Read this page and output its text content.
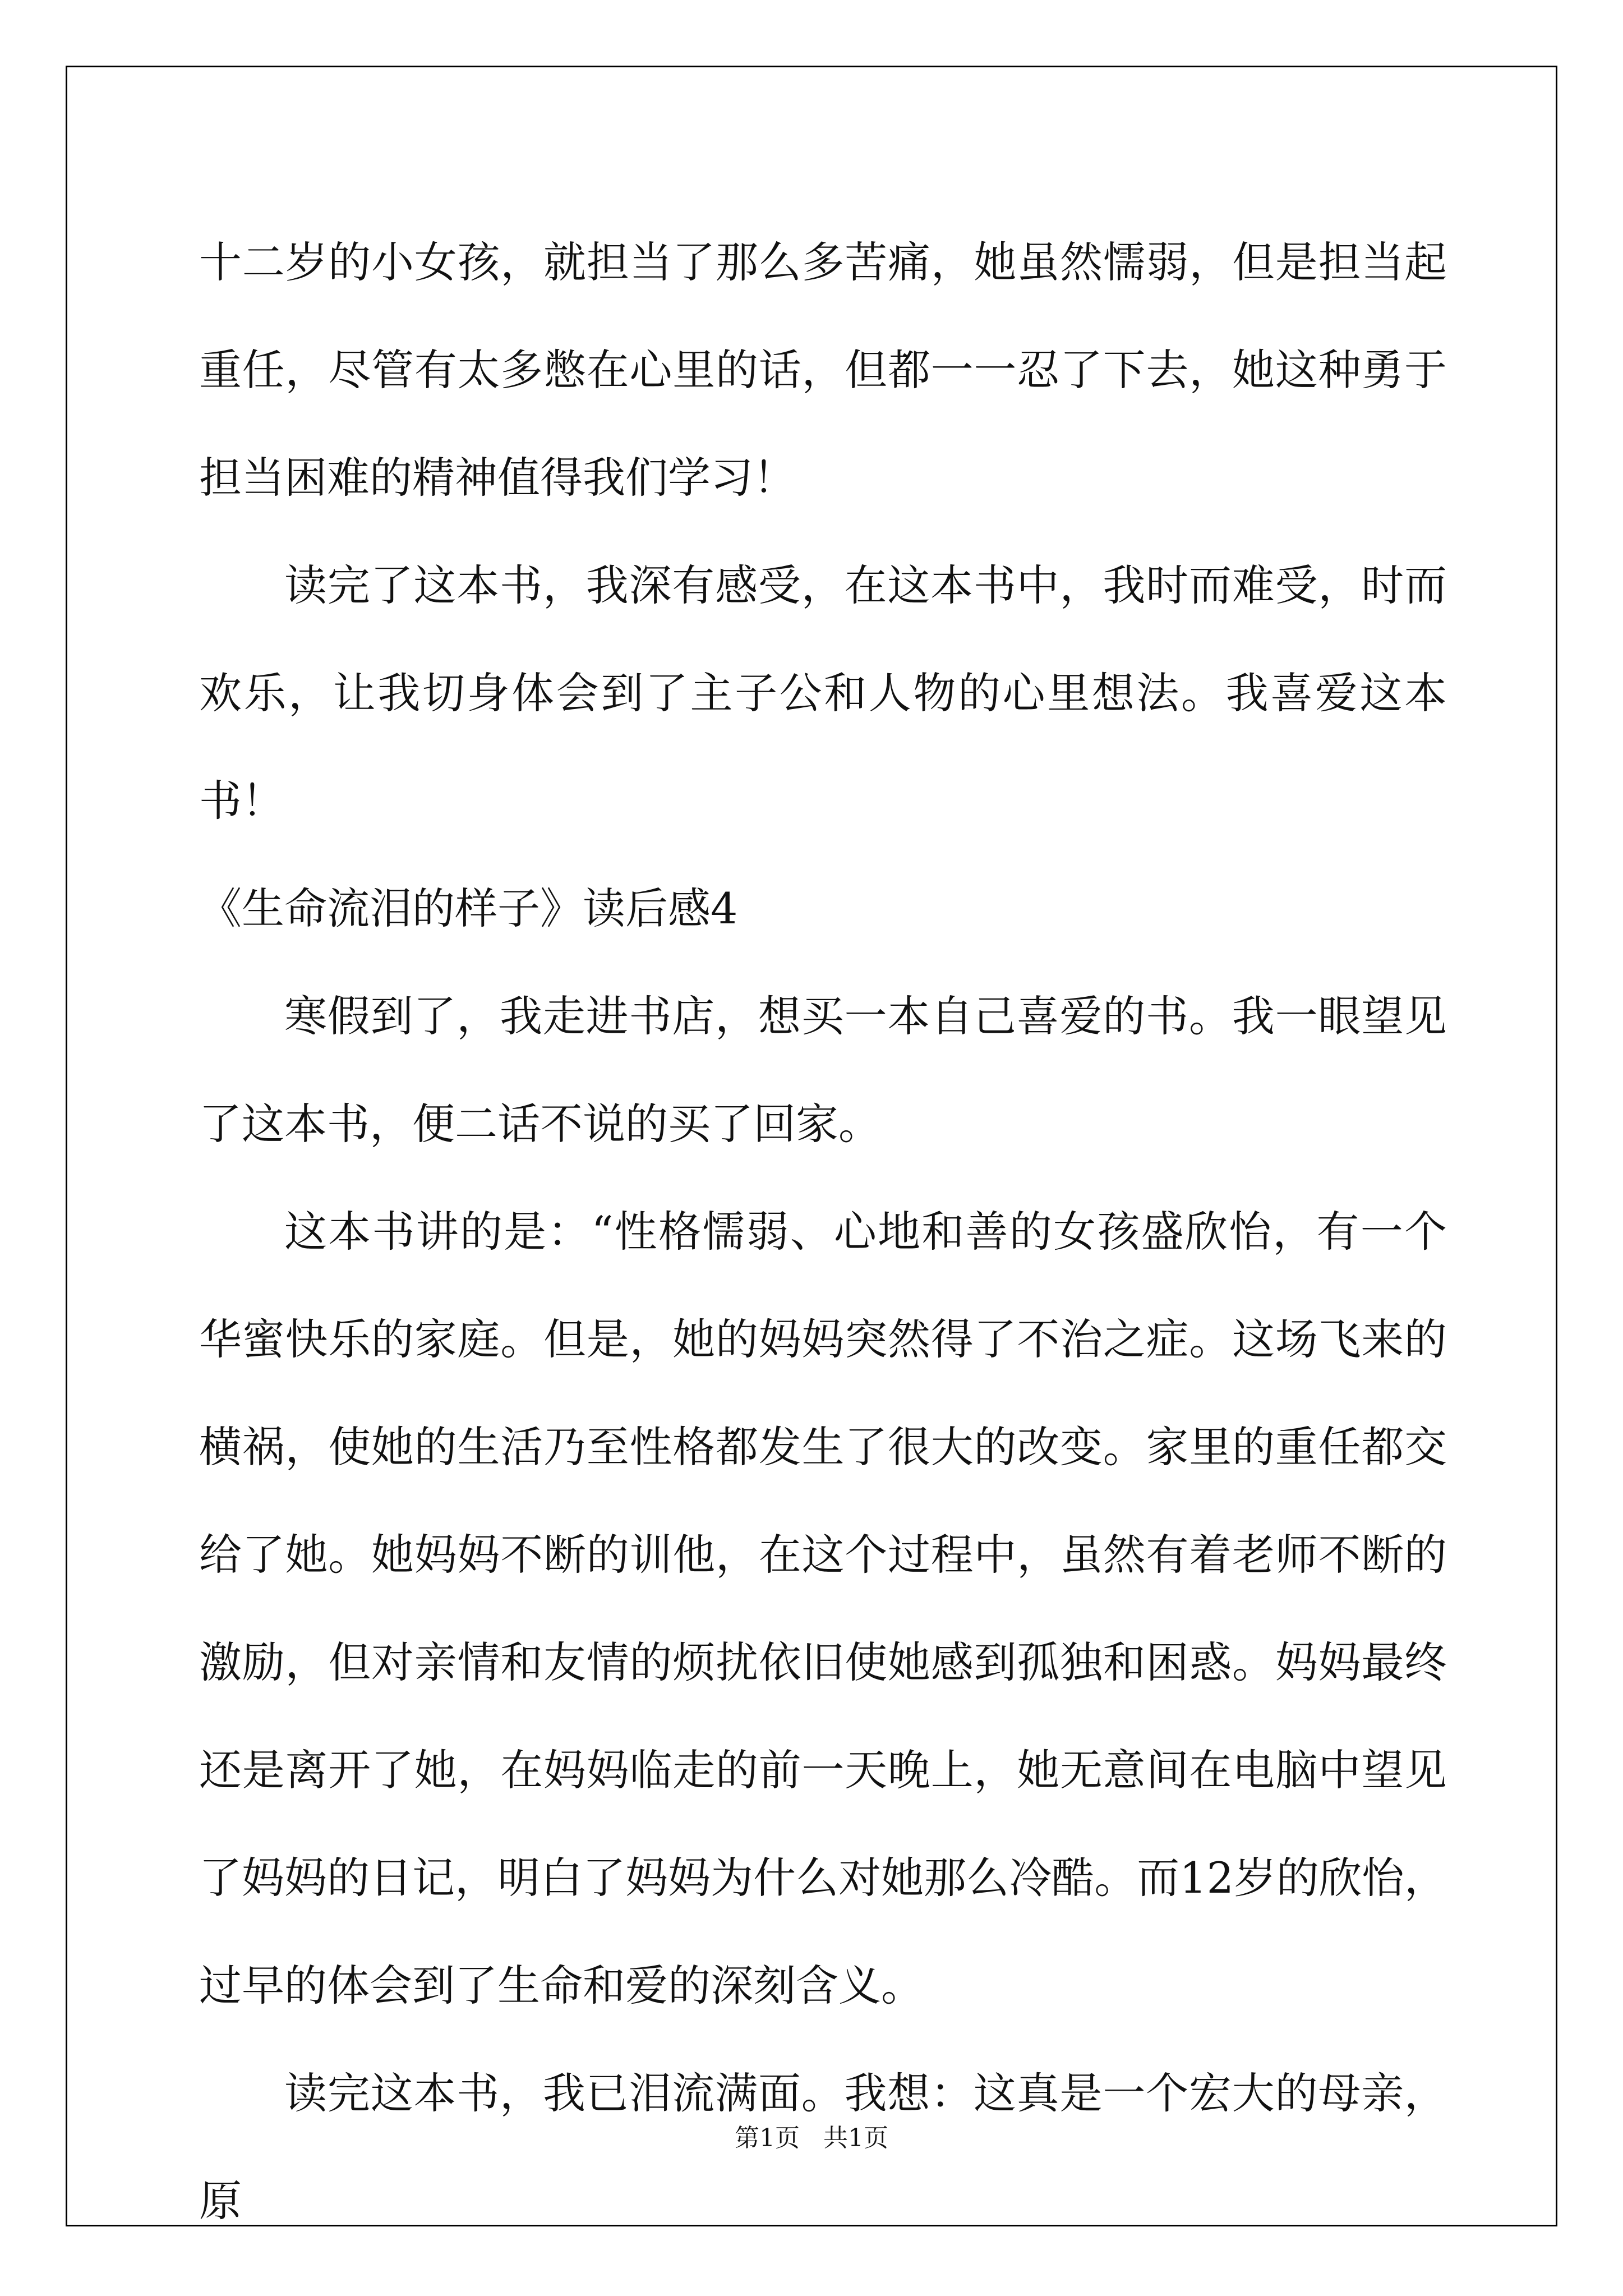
十二岁的小女孩，就担当了那么多苦痛，她虽然懦弱，但是担当起重任，尽管有太多憋在心里的话，但都一一忍了下去，她这种勇于担当困难的精神值得我们学习！

读完了这本书，我深有感受，在这本书中，我时而难受，时而欢乐，让我切身体会到了主子公和人物的心里想法。我喜爱这本书！

《生命流泪的样子》读后感4

寒假到了，我走进书店，想买一本自己喜爱的书。我一眼望见了这本书，便二话不说的买了回家。

这本书讲的是：“性格懦弱、心地和善的女孩盛欣怡，有一个华蜜快乐的家庭。但是，她的妈妈突然得了不治之症。这场飞来的横祸，使她的生活乃至性格都发生了很大的改变。家里的重任都交给了她。她妈妈不断的训他，在这个过程中，虽然有着老师不断的激励，但对亲情和友情的烦扰依旧使她感到孤独和困惑。妈妈最终还是离开了她，在妈妈临走的前一天晚上，她无意间在电脑中望见了妈妈的日记，明白了妈妈为什么对她那么冷酷。而12岁的欣怡，过早的体会到了生命和爱的深刻含义。

读完这本书，我已泪流满面。我想：这真是一个宏大的母亲，原

第1页   共1页
